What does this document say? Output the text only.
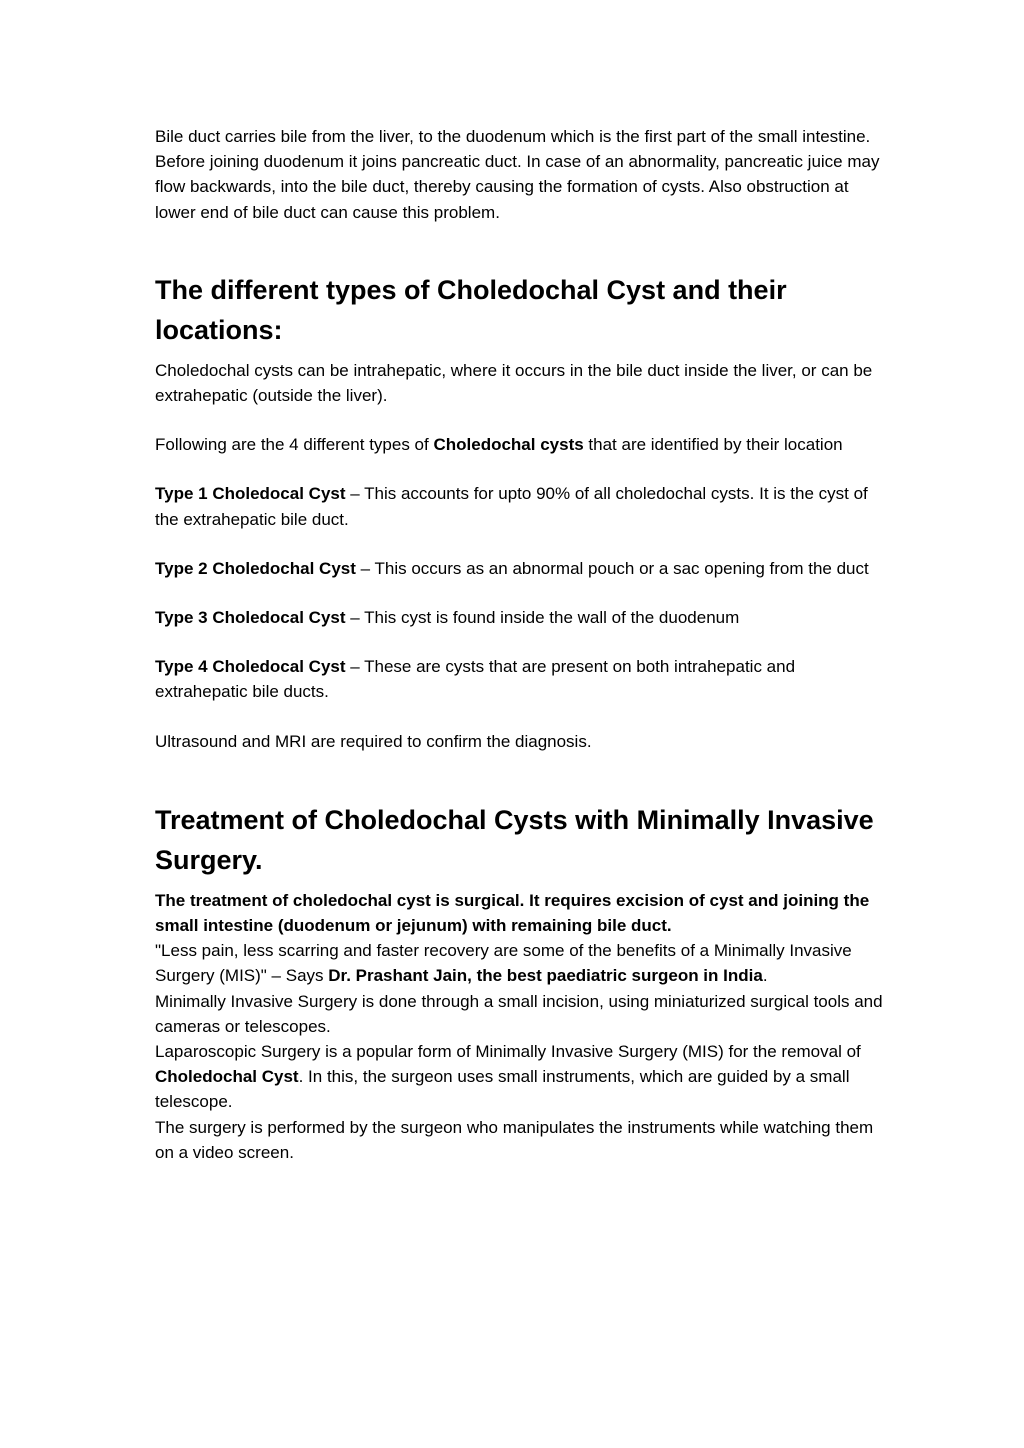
Bile duct carries bile from the liver, to the duodenum which is the first part of the small intestine. Before joining duodenum it joins pancreatic duct. In case of an abnormality, pancreatic juice may flow backwards, into the bile duct, thereby causing the formation of cysts. Also obstruction at lower end of bile duct can cause this problem.

The different types of Choledochal Cyst and their locations:

Choledochal cysts can be intrahepatic, where it occurs in the bile duct inside the liver, or can be extrahepatic (outside the liver).

Following are the 4 different types of Choledochal cysts that are identified by their location

Type 1 Choledocal Cyst – This accounts for upto 90% of all choledochal cysts. It is the cyst of the extrahepatic bile duct.

Type 2 Choledochal Cyst – This occurs as an abnormal pouch or a sac opening from the duct

Type 3 Choledocal Cyst – This cyst is found inside the wall of the duodenum

Type 4 Choledocal Cyst – These are cysts that are present on both intrahepatic and extrahepatic bile ducts.

Ultrasound and MRI are required to confirm the diagnosis.

Treatment of Choledochal Cysts with Minimally Invasive Surgery.

The treatment of choledochal cyst is surgical. It requires excision of cyst and joining the small intestine (duodenum or jejunum) with remaining bile duct.

"Less pain, less scarring and faster recovery are some of the benefits of a Minimally Invasive Surgery (MIS)" – Says Dr. Prashant Jain, the best paediatric surgeon in India.

Minimally Invasive Surgery is done through a small incision, using miniaturized surgical tools and cameras or telescopes.

Laparoscopic Surgery is a popular form of Minimally Invasive Surgery (MIS) for the removal of Choledochal Cyst. In this, the surgeon uses small instruments, which are guided by a small telescope.

The surgery is performed by the surgeon who manipulates the instruments while watching them on a video screen.
